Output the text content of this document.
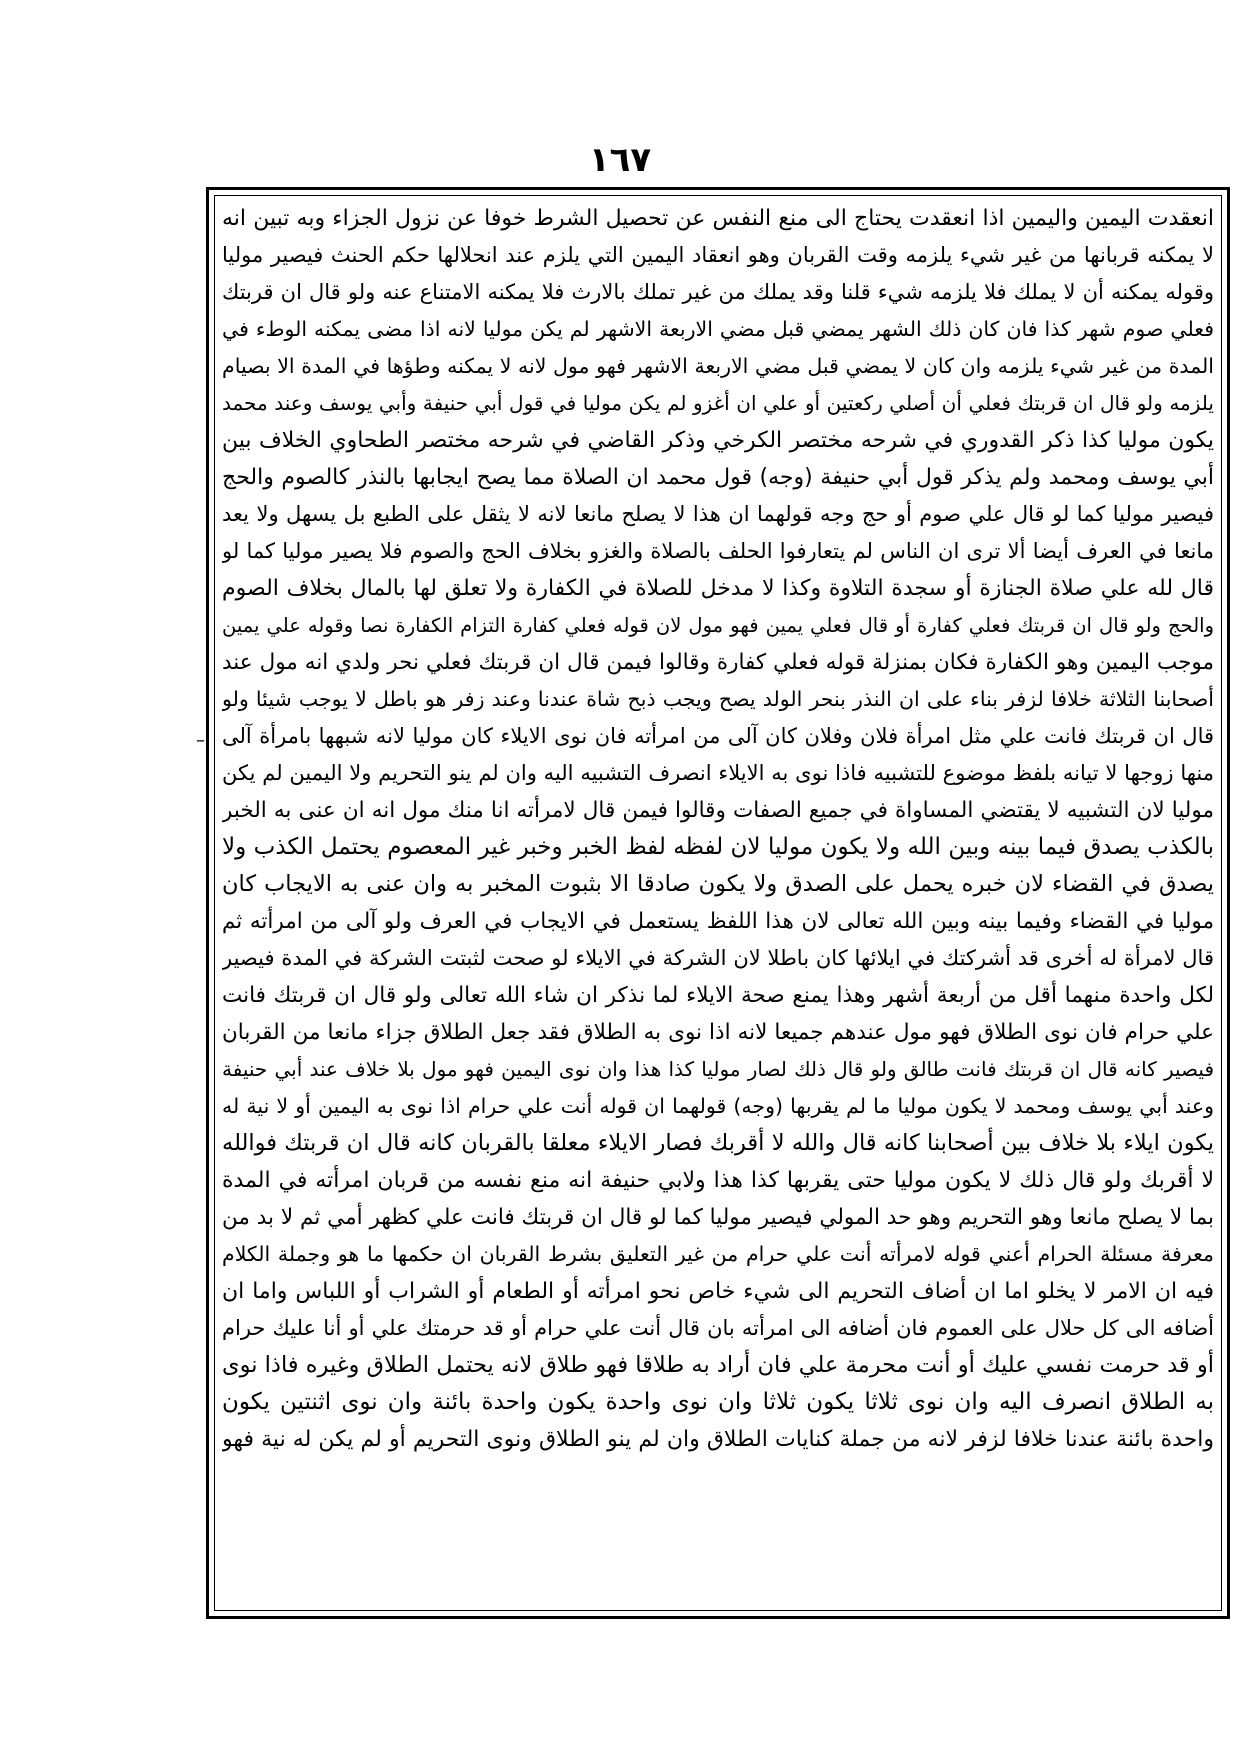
١٦٧
–
انعقدت اليمين واليمين اذا انعقدت يحتاج الى منع النفس عن تحصيل الشرط خوفا عن نزول الجزاء وبه تبين انه
لا يمكنه قربانها من غير شيء يلزمه وقت القربان وهو انعقاد اليمين التي يلزم عند انحلالها حكم الحنث فيصير موليا
وقوله يمكنه أن لا يملك فلا يلزمه شيء قلنا وقد يملك من غير تملك بالارث فلا يمكنه الامتناع عنه ولو قال ان قربتك
فعلي صوم شهر كذا فان كان ذلك الشهر يمضي قبل مضي الاربعة الاشهر لم يكن موليا لانه اذا مضى يمكنه الوطء في
المدة من غير شيء يلزمه وان كان لا يمضي قبل مضي الاربعة الاشهر فهو مول لانه لا يمكنه وطؤها في المدة الا بصيام
يلزمه ولو قال ان قربتك فعلي أن أصلي ركعتين أو علي ان أغزو لم يكن موليا في قول أبي حنيفة وأبي يوسف وعند محمد
يكون موليا كذا ذكر القدوري في شرحه مختصر الكرخي وذكر القاضي في شرحه مختصر الطحاوي الخلاف بين
أبي يوسف ومحمد ولم يذكر قول أبي حنيفة (وجه) قول محمد ان الصلاة مما يصح ايجابها بالنذر كالصوم والحج
فيصير موليا كما لو قال علي صوم أو حج وجه قولهما ان هذا لا يصلح مانعا لانه لا يثقل على الطبع بل يسهل ولا يعد
مانعا في العرف أيضا ألا ترى ان الناس لم يتعارفوا الحلف بالصلاة والغزو بخلاف الحج والصوم فلا يصير موليا كما لو
قال لله علي صلاة الجنازة أو سجدة التلاوة وكذا لا مدخل للصلاة في الكفارة ولا تعلق لها بالمال بخلاف الصوم
والحج ولو قال ان قربتك فعلي كفارة أو قال فعلي يمين فهو مول لان قوله فعلي كفارة التزام الكفارة نصا وقوله علي يمين
موجب اليمين وهو الكفارة فكان بمنزلة قوله فعلي كفارة وقالوا فيمن قال ان قربتك فعلي نحر ولدي انه مول عند
أصحابنا الثلاثة خلافا لزفر بناء على ان النذر بنحر الولد يصح ويجب ذبح شاة عندنا وعند زفر هو باطل لا يوجب شيئا ولو
قال ان قربتك فانت علي مثل امرأة فلان وفلان كان آلى من امرأته فان نوى الايلاء كان موليا لانه شبهها بامرأة آلى
منها زوجها لا تيانه بلفظ موضوع للتشبيه فاذا نوى به الايلاء انصرف التشبيه اليه وان لم ينو التحريم ولا اليمين لم يكن
موليا لان التشبيه لا يقتضي المساواة في جميع الصفات وقالوا فيمن قال لامرأته انا منك مول انه ان عنى به الخبر
بالكذب يصدق فيما بينه وبين الله ولا يكون موليا لان لفظه لفظ الخبر وخبر غير المعصوم يحتمل الكذب ولا
يصدق في القضاء لان خبره يحمل على الصدق ولا يكون صادقا الا بثبوت المخبر به وان عنى به الايجاب كان
موليا في القضاء وفيما بينه وبين الله تعالى لان هذا اللفظ يستعمل في الايجاب في العرف ولو آلى من امرأته ثم
قال لامرأة له أخرى قد أشركتك في ايلائها كان باطلا لان الشركة في الايلاء لو صحت لثبتت الشركة في المدة فيصير
لكل واحدة منهما أقل من أربعة أشهر وهذا يمنع صحة الايلاء لما نذكر ان شاء الله تعالى ولو قال ان قربتك فانت
علي حرام فان نوى الطلاق فهو مول عندهم جميعا لانه اذا نوى به الطلاق فقد جعل الطلاق جزاء مانعا من القربان
فيصير كانه قال ان قربتك فانت طالق ولو قال ذلك لصار موليا كذا هذا وان نوى اليمين فهو مول بلا خلاف عند أبي حنيفة
وعند أبي يوسف ومحمد لا يكون موليا ما لم يقربها (وجه) قولهما ان قوله أنت علي حرام اذا نوى به اليمين أو لا نية له
يكون ايلاء بلا خلاف بين أصحابنا كانه قال والله لا أقربك فصار الايلاء معلقا بالقربان كانه قال ان قربتك فوالله
لا أقربك ولو قال ذلك لا يكون موليا حتى يقربها كذا هذا ولابي حنيفة انه منع نفسه من قربان امرأته في المدة
بما لا يصلح مانعا وهو التحريم وهو حد المولي فيصير موليا كما لو قال ان قربتك فانت علي كظهر أمي ثم لا بد من
معرفة مسئلة الحرام أعني قوله لامرأته أنت علي حرام من غير التعليق بشرط القربان ان حكمها ما هو وجملة الكلام
فيه ان الامر لا يخلو اما ان أضاف التحريم الى شيء خاص نحو امرأته أو الطعام أو الشراب أو اللباس واما ان
أضافه الى كل حلال على العموم فان أضافه الى امرأته بان قال أنت علي حرام أو قد حرمتك علي أو أنا عليك حرام
أو قد حرمت نفسي عليك أو أنت محرمة علي فان أراد به طلاقا فهو طلاق لانه يحتمل الطلاق وغيره فاذا نوى
به الطلاق انصرف اليه وان نوى ثلاثا يكون ثلاثا وان نوى واحدة يكون واحدة بائنة وان نوى اثنتين يكون
واحدة بائنة عندنا خلافا لزفر لانه من جملة كنايات الطلاق وان لم ينو الطلاق ونوى التحريم أو لم يكن له نية فهو
